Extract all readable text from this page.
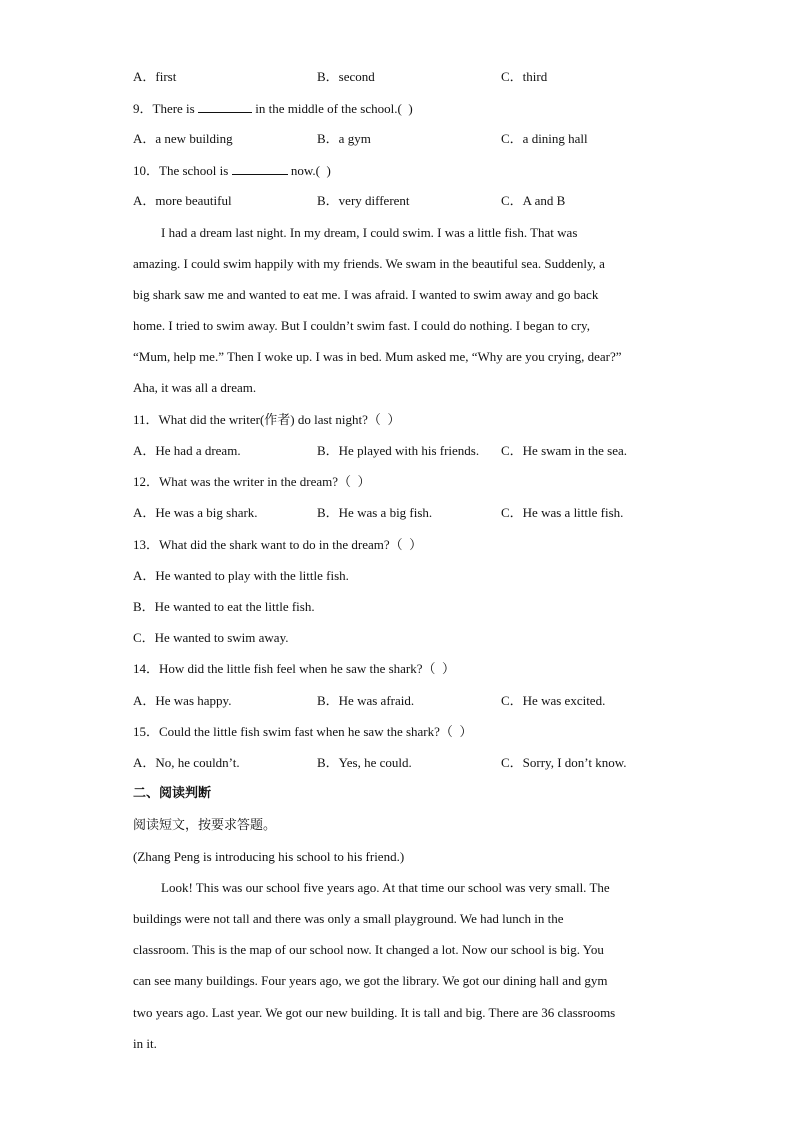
A．first	B．second	C．third
9．There is	in the middle of the school.(  )
A．a new building	B．a gym	C．a dining hall
10．The school is	now.(  )
A．more beautiful	B．very different	C．A and B
I had a dream last night. In my dream, I could swim. I was a little fish. That was
amazing. I could swim happily with my friends. We swam in the beautiful sea. Suddenly, a
big shark saw me and wanted to eat me. I was afraid. I wanted to swim away and go back
home. I tried to swim away. But I couldn’t swim fast. I could do nothing. I began to cry,
“Mum, help me.” Then I woke up. I was in bed. Mum asked me, “Why are you crying, dear?”
Aha, it was all a dream.
11．What did the writer(作者) do last night?（  ）
A．He had a dream.	B．He played with his friends. C．He swam in the sea.
12．What was the writer in the dream?（  ）
A．He was a big shark.	B．He was a big fish.	C．He was a little fish.
13．What did the shark want to do in the dream?（  ）
A．He wanted to play with the little fish.
B．He wanted to eat the little fish.
C．He wanted to swim away.
14．How did the little fish feel when he saw the shark?（  ）
A．He was happy.	B．He was afraid.	C．He was excited.
15．Could the little fish swim fast when he saw the shark?（  ）
A．No, he couldn’t.	B．Yes, he could.	C．Sorry, I don’t know.
二、阅读判断
阅读短文，按要求答题。
(Zhang Peng is introducing his school to his friend.)
Look! This was our school five years ago. At that time our school was very small. The
buildings were not tall and there was only a small playground. We had lunch in the
classroom. This is the map of our school now. It changed a lot. Now our school is big. You
can see many buildings. Four years ago, we got the library. We got our dining hall and gym
two years ago. Last year. We got our new building. It is tall and big. There are 36 classrooms
in it.
